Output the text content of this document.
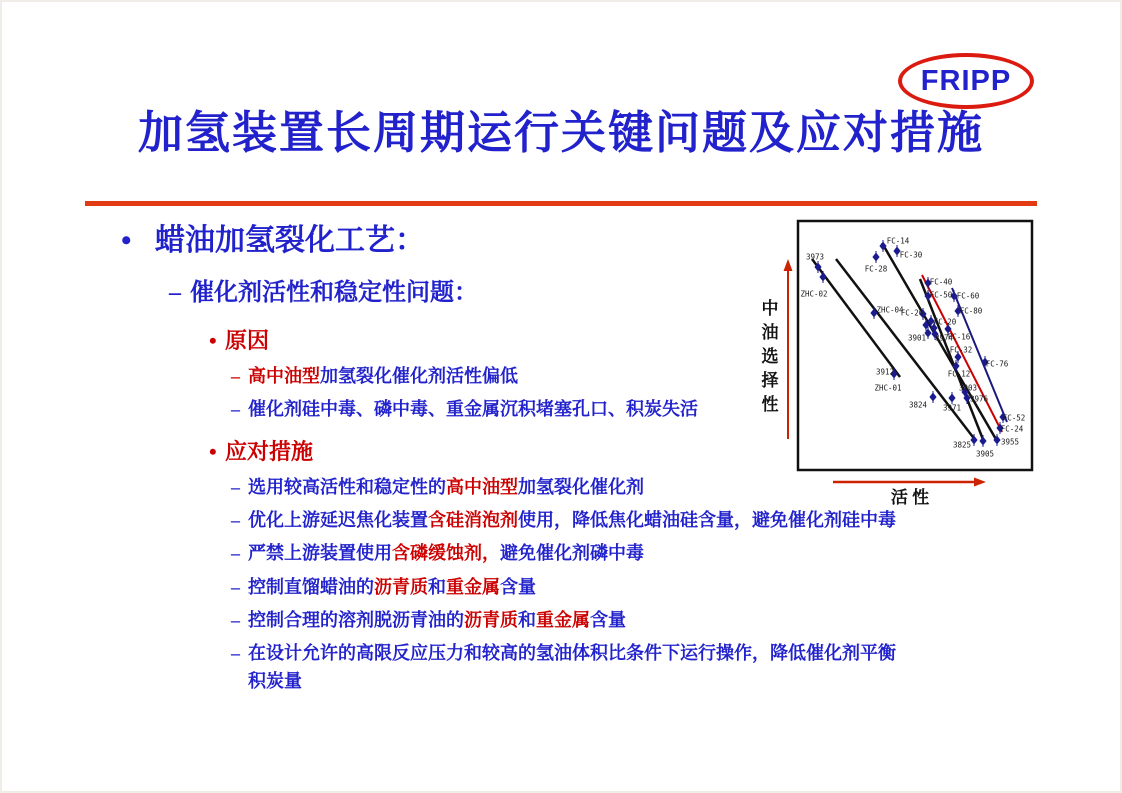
FRIPP
加氢装置长周期运行关键问题及应对措施
• 蜡油加氢裂化工艺：
– 催化剂活性和稳定性问题：
• 原因
– 高中油型加氢裂化催化剂活性偏低
– 催化剂硅中毒、磷中毒、重金属沉积堵塞孔口、积炭失活
• 应对措施
– 选用较高活性和稳定性的高中油型加氢裂化催化剂
– 优化上游延迟焦化装置含硅消泡剂使用，降低焦化蜡油硅含量，避免催化剂硅中毒
– 严禁上游装置使用含磷缓蚀剂，避免催化剂磷中毒
– 控制直馏蜡油的沥青质和重金属含量
– 控制合理的溶剂脱沥青油的沥青质和重金属含量
– 在设计允许的高限反应压力和较高的氢油体积比条件下运行操作，降低催化剂平衡
积炭量
3973
ZHC-02
FC-14
FC-30
FC-28
ZHC-04
FC-40
FC-50 FC-60
FC-26
FC-20
FC-80
3901 3974
FC-16
FC-32
FC-76
FC-12
3912
ZHC-01	3903
3976
3824 3971
FC-52
FC-24
3825
3905
3955
中
油
选
择
性
活 性
